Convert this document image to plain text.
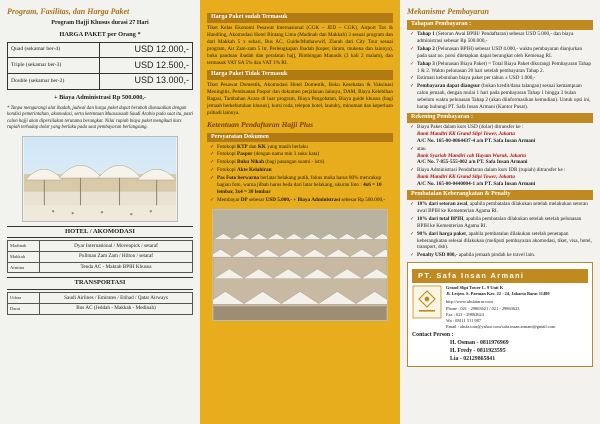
Program, Fasilitas, dan Harga Paket
Program Hajji Khusus durasi 27 Hari
HARGA PAKET per Orang *
Quad (sekamar ber-4)	USD 12.000,-
Triple (sekamar ber-3)	USD 12.500,-
Double (sekamar ber-2)	USD 13.000,-
+ Biaya Administrasi Rp 500.000,-
* Tanpa mengurangi alat ibadah, jadwal dan harga paket dapat berubah disesuaikan dengan kondisi pemerintahan, akomodasi, serta ketentuan Muassassah Saudi Arabia pada saat itu, pasti calon hajji akan dipersilakan terutama berangkat. Nilai rupiah biaya paket mengikuti kurs rupiah terhadap dolar yang berlaku pada saat pembayaran berlangsung.
HOTEL / AKOMODASI
Madinah	Dyar International / Movenpick / setaraf
Makkah	Pullman Zam Zam / Hilton / setaraf
Armina	Tenda AC - Maktab BPIH Khusus
TRANSPORTASI
Udara	Saudi Airlines / Emirates / Etihad / Qatar Airways
Darat	Bus AC (Jeddah - Makkah - Medinah)
Harga Paket sudah Termasuk
Tiket Kelas Ekonomi Pesawat Internasional (CGK – JED – CGK), Airport Tax & Handling, Akomodasi Hotel Bintang Lima (Madinah dan Makkah) 3 sesuai program dan dari Makkah 5 x sehari, Bus AC, Guide/Muthawwif, Ziarah dari City Tour sesuai program, Air Zam-zam 5 ltr, Perlengkapan Ibadah (koper, ihram, mukena dan lainnya), buku panduan ibadah dan peralatan hajj, Bimbingan Manasik (3 kali 2 malam), dan termasuk VAT SA 5% dan VAT 1% RI.
Harga Paket Tidak Termasuk
Tiket Pesawat Domestik, Akomodasi Hotel Domestik, Buku Kesehatan & Vaksinasi Meningitis, Pembuatan Paspor dan dokumen perjalanan lainnya, DAM, Biaya Kelebihan Bagasi, Tambahan Acara di luar program, Biaya Pengobatan, Biaya guide khusus (bagi jemaah berkebutuhan khusus), kursi roda, telepon hotel, laundry, minuman dan keperluan pribadi lainnya.
Ketentuan Pendaftaran Hajji Plus
Persyaratan Dokumen
✓ Fotokopi KTP dan KK yang masih berlaku
✓ Fotokopi Paspor (dengan nama min 3 suku kata)
✓ Fotokopi Buku Nikah (bagi pasangan suami - istri)
✓ Fotokopi Akte Kelahiran
✓ Pas Foto berwarna berlatar belakang putih, fokus muka harus 80% mencakup bagian foto, warna jilbab harus beda dari latar belakang, ukuran foto : 4x6 = 10 lembar, 3x4 = 30 lembar
✓ Membayar DP sebesar USD 5.000,- + Biaya Administrasi sebesar Rp 500.000,-
Mekanisme Pembayaran
Tahapan Pembayaran :
✓ Tahap 1 (Setoran Awal BPIH/ Pendaftaran) sebesar USD 5.000,- dan biaya administrasi sebesar Rp 500.000,-
✓ Tahap 2 (Pelunasan BPIH) sebesar USD 4.000,- waktu pembayaran dianjurkan pada saat no. porsi ditetapkan dapat berangkat oleh Kemenag RI.
✓ Tahap 3 (Pelunasan Biaya Paket) = Total Biaya Paket dikurangi Pembayaran Tahap 1 & 2. Waktu pelunasan 20 hari setelah pembayaran Tahap 2.
✓ Estimasi kebutuhan biaya paket per tahun ± USD 1.000,-
✓ Pembayaran dapat diangsur (bukan kredit/dana talangan) sesuai kemampuan calon jemaah, dengan mulai 1 hari pada pembayaran Tahap 1 hingga 3 bulan sebelum waktu pelunasan Tahap 2 (akan diinformasikan kemudian). Untuk opsi ini, harap hubungi PT. Safa Insan Armani (Kantor Pusat).
Rekening Pembayaran :
✓ Biaya Paket dalam kurs USD (dolar) ditransfer ke :
Bank Mandiri KK Grand Slipi Tower, Jakarta
A/C No. 165-00-0064437-4 a/n PT. Safa Insan Armani
✓ atau
Bank Syariah Mandiri cab Hayam Wuruk, Jakarta
A/C No. 7-855-555-002 a/n PT. Safa Insan Armani
✓ Biaya Administrasi Pendaftaran dalam kurs IDR (rupiah) ditransfer ke :
Bank Mandiri KK Grand Slipi Tower, Jakarta
A/C No. 165-00-0440004-1 a/n PT. Safa Insan Armani
Pembatalan Keberangkatan & Penalty
✓ 10% dari setoran awal, apabila pembatalan dilakukan setelah melakukan setoran awal BPIH ke Kementerian Agama RI.
✓ 10% dari total BPIH, apabila pembatalan dilakukan setelah setelah pelunasan BPIH ke Kementerian Agama RI.
✓ 90% dari harga paket, apabila pembatalan dilakukan setelah penetapan keberangkatan selesai dilakukan (meliputi pembayaran akomodasi, tiket, visa, hotel, transport, dsb).
✓ Penalty USD 800,- apabila jemaah pindah ke travel lain.
PT. Safa Insan Armani
Grand Slipi Tower L. 9 Unit K
Jl. Letjen. S. Parman Kav. 22 - 24, Jakarta Barat 11480
http://www.ahsfatarur.com
Phone : 021 - 29863621 / 021 - 29863623
Fax : 021 - 29863624
Wa : 08111 511 987
Email : ahsfa.tour@yahoo.com/safa.insan.armani@gmail.com
Contact Person :
H. Osman - 0811976969
H. Fredy - 0811923595
Lia - 02129865841
